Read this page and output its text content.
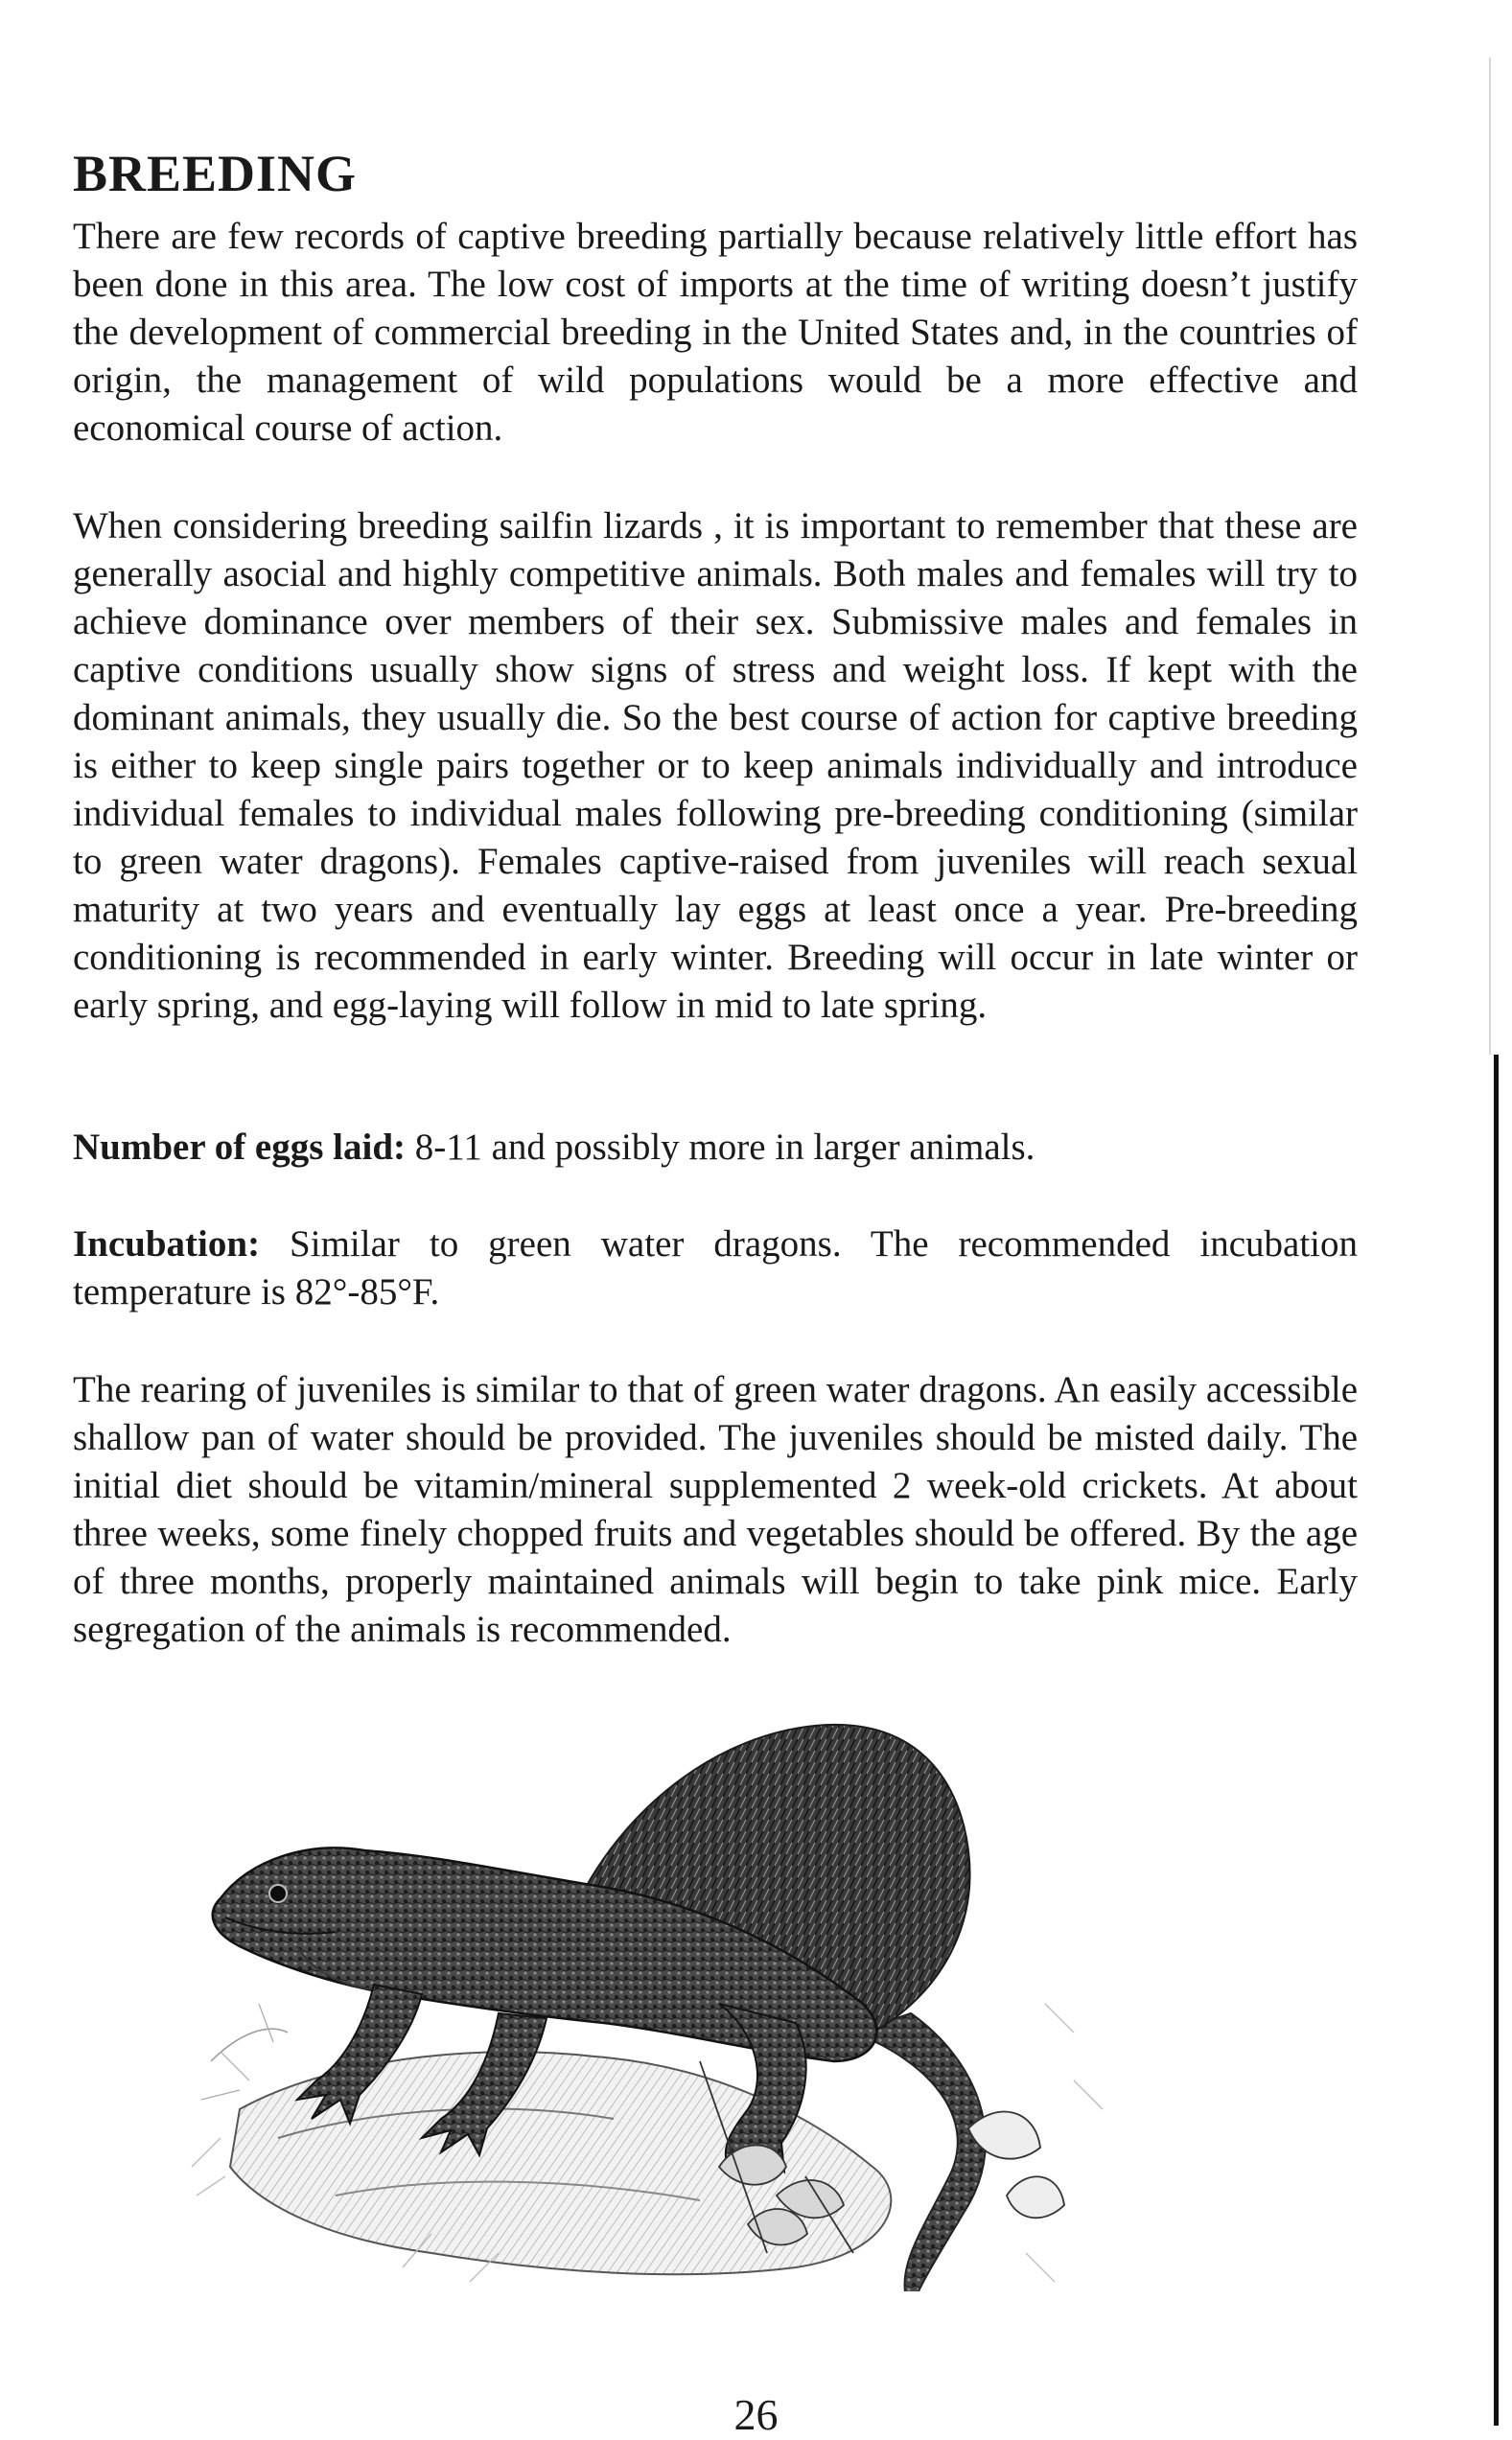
BREEDING

There are few records of captive breeding partially because relatively little effort has been done in this area. The low cost of imports at the time of writing doesn’t justify the development of commercial breeding in the United States and, in the countries of origin, the management of wild populations would be a more effective and economical course of action.

When considering breeding sailfin lizards , it is important to remember that these are generally asocial and highly competitive animals. Both males and females will try to achieve dominance over members of their sex. Submissive males and females in captive conditions usually show signs of stress and weight loss. If kept with the dominant animals, they usually die. So the best course of action for captive breeding is either to keep single pairs together or to keep animals individually and introduce individual females to individual males following pre-breeding conditioning (similar to green water dragons). Females captive-raised from juveniles will reach sexual maturity at two years and eventually lay eggs at least once a year. Pre-breeding conditioning is recommended in early winter. Breeding will occur in late winter or early spring, and egg-laying will follow in mid to late spring.

Number of eggs laid: 8-11 and possibly more in larger animals.

Incubation: Similar to green water dragons. The recommended incubation temperature is 82°-85°F.

The rearing of juveniles is similar to that of green water dragons. An easily accessible shallow pan of water should be provided. The juveniles should be misted daily. The initial diet should be vitamin/mineral supplemented 2 week-old crickets. At about three weeks, some finely chopped fruits and vegetables should be offered. By the age of three months, properly maintained animals will begin to take pink mice. Early segregation of the animals is recommended.

26
